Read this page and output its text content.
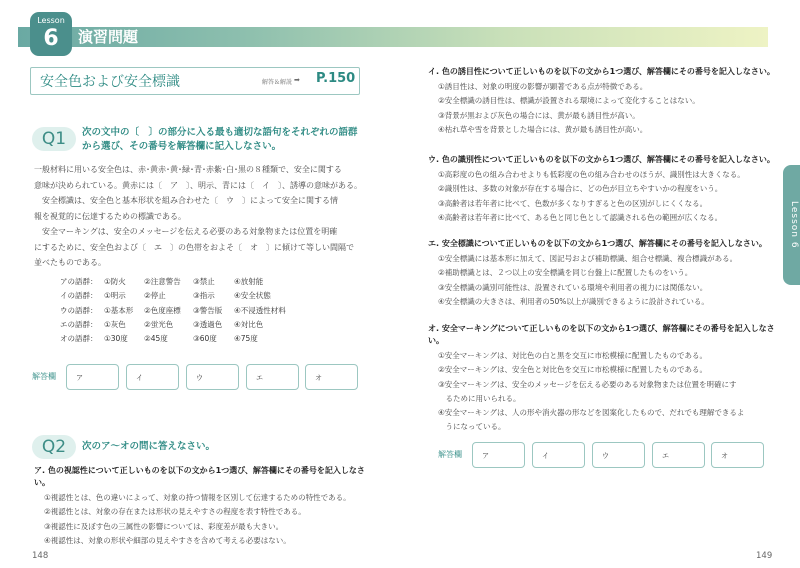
Lesson
6	演習問題
安全色および安全標識	解答＆解説 ➡ P.150
Q1	次の文中の〔　〕の部分に入る最も適切な語句をそれぞれの語群
から選び、その番号を解答欄に記入しなさい。
一般材料に用いる安全色は、赤･黄赤･黄･緑･青･赤紫･白･黒の８種類で、安全に関する
意味が決められている。黄赤には〔　ア　〕、明示、青には〔　イ　〕、誘導の意味がある。
　安全標識は、安全色と基本形状を組み合わせた〔　ウ　〕によって安全に関する情
報を視覚的に伝達するための標識である。
　安全マーキングは、安全のメッセージを伝える必要のある対象物または位置を明確
にするために、安全色および〔　エ　〕の色帯をおよそ〔　オ　〕に傾けて等しい間隔で
並べたものである。
アの語群： ①防火 ②注意警告 ③禁止	④放射能
イの語群： ①明示 ②停止	③指示	④安全状態
ウの語群： ①基本形 ②色度座標 ③警告版 ④不浸透性材料
エの語群： ①灰色 ②蛍光色	③透過色 ④対比色
オの語群： ①30度 ②45度	③60度 ④75度
解答欄	ア	イ	ウ	エ	オ
Q2	次のア～オの問に答えなさい。
ア. 色の視認性について正しいものを以下の文から1つ選び、解答欄にその番号を記入しなさい。
①視認性とは、色の違いによって、対象の持つ情報を区別して伝達するための特性である。
②視認性とは、対象の存在または形状の見えやすさの程度を表す特性である。
③視認性に及ぼす色の三属性の影響については、彩度差が最も大きい。
④視認性は、対象の形状や細部の見えやすさを含めて考える必要はない。
148
イ. 色の誘目性について正しいものを以下の文から1つ選び、解答欄にその番号を記入しなさい。
①誘目性は、対象の明度の影響が顕著である点が特徴である。
②安全標識の誘目性は、標識が設置される環境によって変化することはない。
③背景が黒および灰色の場合には、黄が最も誘目性が高い。
④枯れ草や雪を背景とした場合には、黄が最も誘目性が高い。
ウ. 色の識別性について正しいものを以下の文から1つ選び、解答欄にその番号を記入しなさい。
①高彩度の色の組み合わせよりも低彩度の色の組み合わせのほうが、識別性は大きくなる。
②識別性は、多数の対象が存在する場合に、どの色が目立ちやすいかの程度をいう。
③高齢者は若年者に比べて、色数が多くなりすぎると色の区別がしにくくなる。
④高齢者は若年者に比べて、ある色と同じ色として認識される色の範囲が広くなる。
エ. 安全標識について正しいものを以下の文から1つ選び、解答欄にその番号を記入しなさい。
①安全標識には基本形に加えて、図記号および補助標識、組合せ標識、複合標識がある。
②補助標識とは、２つ以上の安全標識を同じ台盤上に配置したものをいう。
③安全標識の識別可能性は、設置されている環境や利用者の視力には関係ない。
④安全標識の大きさは、利用者の50%以上が識別できるように設計されている。
オ. 安全マーキングについて正しいものを以下の文から1つ選び、解答欄にその番号を記入しなさい。
①安全マーキングは、対比色の白と黒を交互に市松模様に配置したものである。
②安全マーキングは、安全色と対比色を交互に市松模様に配置したものである。
③安全マーキングは、安全のメッセージを伝える必要のある対象物または位置を明確にす
　るために用いられる。
④安全マーキングは、人の形や消火器の形などを図案化したもので、だれでも理解できるよ
　うになっている。
解答欄	ア	イ	ウ	エ	オ
Lesson 6
149
